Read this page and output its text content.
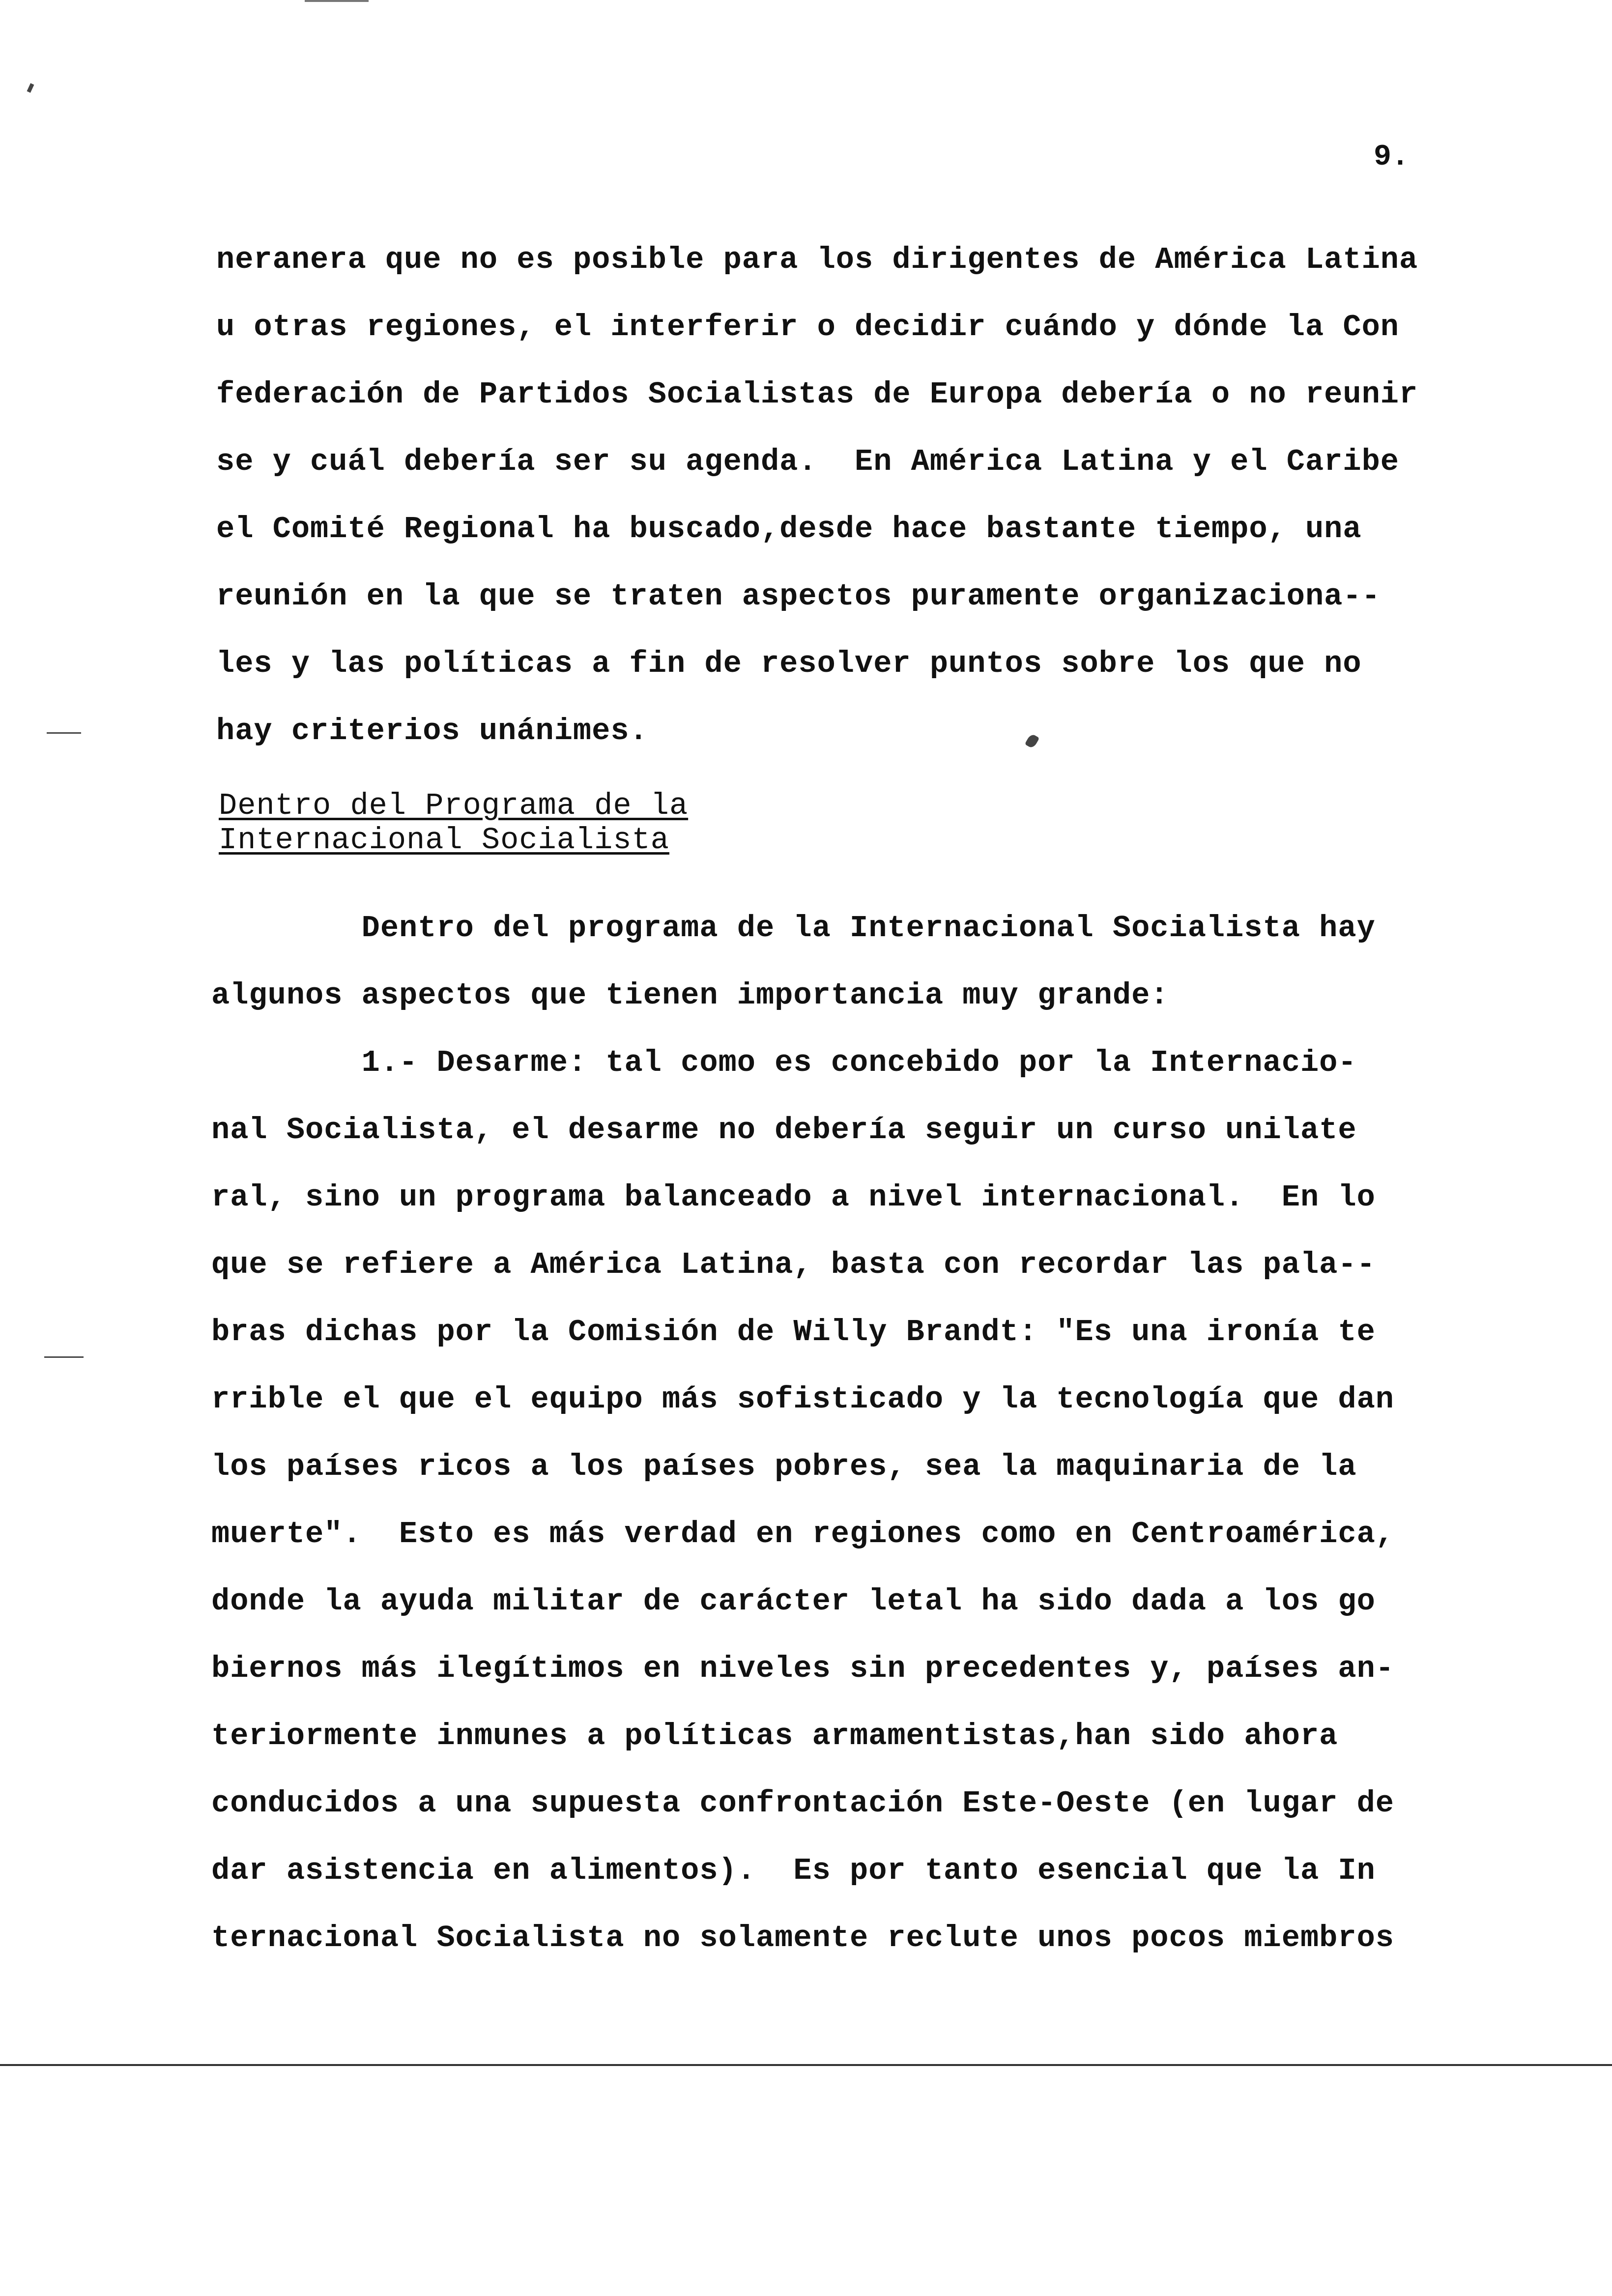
9.
neranera que no es posible para los dirigentes de América Latina
u otras regiones, el interferir o decidir cuándo y dónde la Con
federación de Partidos Socialistas de Europa debería o no reunir
se y cuál debería ser su agenda.  En América Latina y el Caribe
el Comité Regional ha buscado,desde hace bastante tiempo, una
reunión en la que se traten aspectos puramente organizaciona--
les y las políticas a fin de resolver puntos sobre los que no
hay criterios unánimes.
Dentro del Programa de la
Internacional Socialista
Dentro del programa de la Internacional Socialista hay
algunos aspectos que tienen importancia muy grande:
1.- Desarme: tal como es concebido por la Internacio-
nal Socialista, el desarme no debería seguir un curso unilate
ral, sino un programa balanceado a nivel internacional.  En lo
que se refiere a América Latina, basta con recordar las pala--
bras dichas por la Comisión de Willy Brandt: "Es una ironía te
rrible el que el equipo más sofisticado y la tecnología que dan
los países ricos a los países pobres, sea la maquinaria de la
muerte".  Esto es más verdad en regiones como en Centroamérica,
donde la ayuda militar de carácter letal ha sido dada a los go
biernos más ilegítimos en niveles sin precedentes y, países an-
teriormente inmunes a políticas armamentistas,han sido ahora
conducidos a una supuesta confrontación Este-Oeste (en lugar de
dar asistencia en alimentos).  Es por tanto esencial que la In
ternacional Socialista no solamente reclute unos pocos miembros
